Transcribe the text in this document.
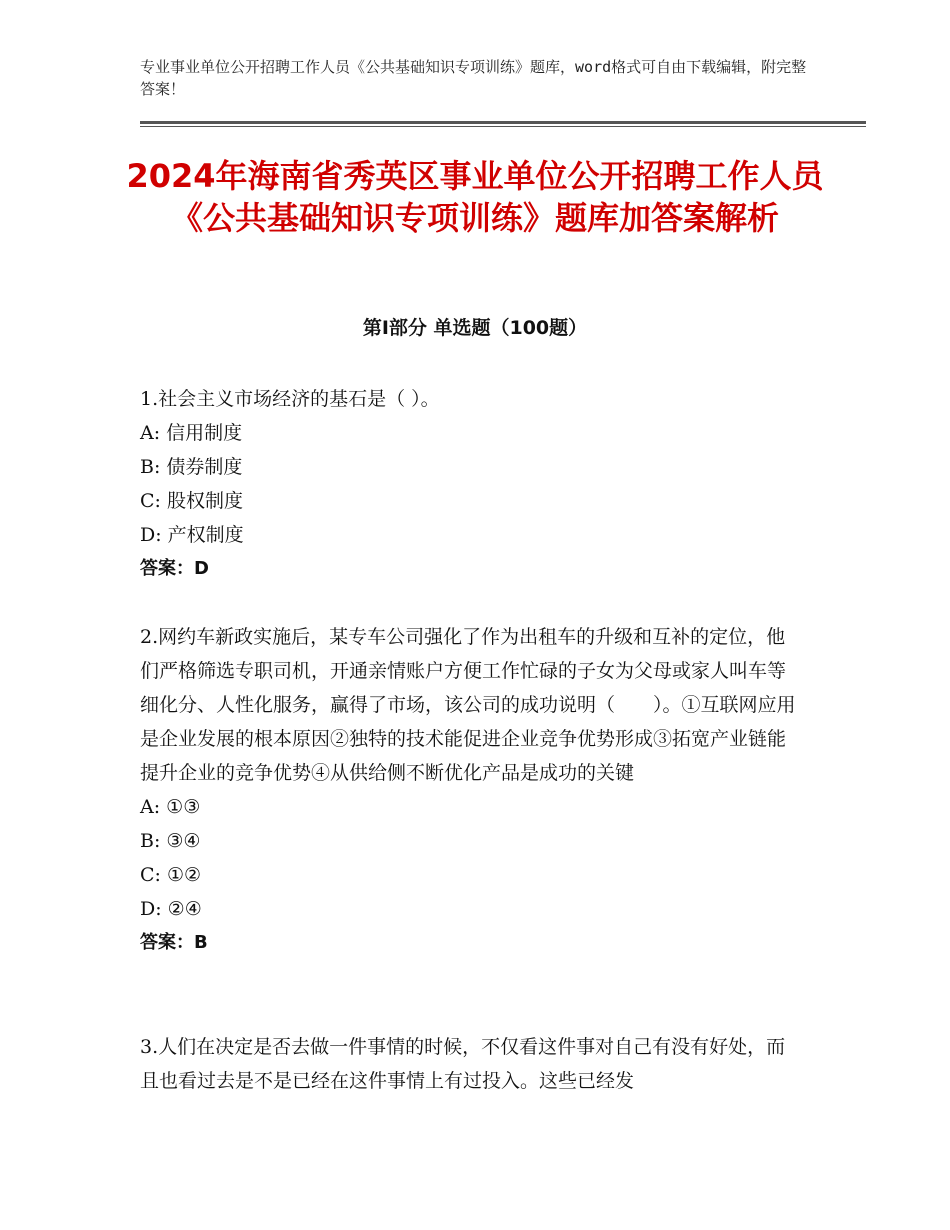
专业事业单位公开招聘工作人员《公共基础知识专项训练》题库，word格式可自由下载编辑，附完整答案！
2024年海南省秀英区事业单位公开招聘工作人员《公共基础知识专项训练》题库加答案解析
第Ⅰ部分 单选题（100题）
1.社会主义市场经济的基石是（ ）。
A: 信用制度
B: 债券制度
C: 股权制度
D: 产权制度
答案：D
2.网约车新政实施后，某专车公司强化了作为出租车的升级和互补的定位，他们严格筛选专职司机，开通亲情账户方便工作忙碌的子女为父母或家人叫车等细化分、人性化服务，赢得了市场，该公司的成功说明（　　）。①互联网应用是企业发展的根本原因②独特的技术能促进企业竞争优势形成③拓宽产业链能提升企业的竞争优势④从供给侧不断优化产品是成功的关键
A: ①③
B: ③④
C: ①②
D: ②④
答案：B
3.人们在决定是否去做一件事情的时候，不仅看这件事对自己有没有好处，而且也看过去是不是已经在这件事情上有过投入。这些已经发
